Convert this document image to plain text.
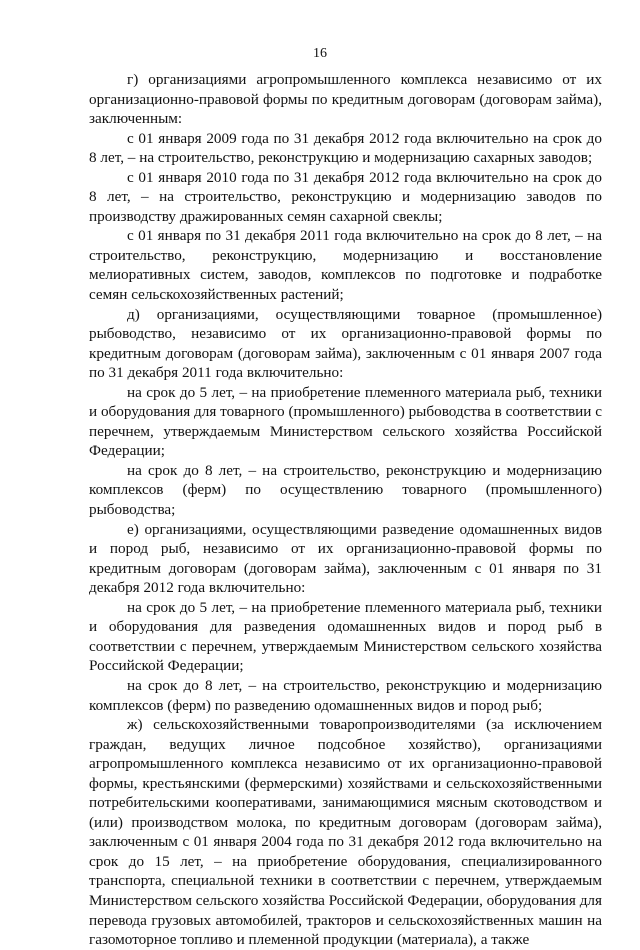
16

г) организациями агропромышленного комплекса независимо от их организационно-правовой формы по кредитным договорам (договорам займа), заключенным:

с 01 января 2009 года по 31 декабря 2012 года включительно на срок до 8 лет, – на строительство, реконструкцию и модернизацию сахарных заводов;

с 01 января 2010 года по 31 декабря 2012 года включительно на срок до 8 лет, – на строительство, реконструкцию и модернизацию заводов по производству дражированных семян сахарной свеклы;

с 01 января по 31 декабря 2011 года включительно на срок до 8 лет, – на строительство, реконструкцию, модернизацию и восстановление мелиоративных систем, заводов, комплексов по подготовке и подработке семян сельскохозяйственных растений;

д) организациями, осуществляющими товарное (промышленное) рыбоводство, независимо от их организационно-правовой формы по кредитным договорам (договорам займа), заключенным с 01 января 2007 года по 31 декабря 2011 года включительно:

на срок до 5 лет, – на приобретение племенного материала рыб, техники и оборудования для товарного (промышленного) рыбоводства в соответствии с перечнем, утверждаемым Министерством сельского хозяйства Российской Федерации;

на срок до 8 лет, – на строительство, реконструкцию и модернизацию комплексов (ферм) по осуществлению товарного (промышленного) рыбоводства;

е) организациями, осуществляющими разведение одомашненных видов и пород рыб, независимо от их организационно-правовой формы по кредитным договорам (договорам займа), заключенным с 01 января по 31 декабря 2012 года включительно:

на срок до 5 лет, – на приобретение племенного материала рыб, техники и оборудования для разведения одомашненных видов и пород рыб в соответствии с перечнем, утверждаемым Министерством сельского хозяйства Российской Федерации;

на срок до 8 лет, – на строительство, реконструкцию и модернизацию комплексов (ферм) по разведению одомашненных видов и пород рыб;

ж) сельскохозяйственными товаропроизводителями (за исключением граждан, ведущих личное подсобное хозяйство), организациями агропромышленного комплекса независимо от их организационно-правовой формы, крестьянскими (фермерскими) хозяйствами и сельскохозяйственными потребительскими кооперативами, занимающимися мясным скотоводством и (или) производством молока, по кредитным договорам (договорам займа), заключенным с 01 января 2004 года по 31 декабря 2012 года включительно на срок до 15 лет, – на приобретение оборудования, специализированного транспорта, специальной техники в соответствии с перечнем, утверждаемым Министерством сельского хозяйства Российской Федерации, оборудования для перевода грузовых автомобилей, тракторов и сельскохозяйственных машин на газомоторное топливо и племенной продукции (материала), а также
